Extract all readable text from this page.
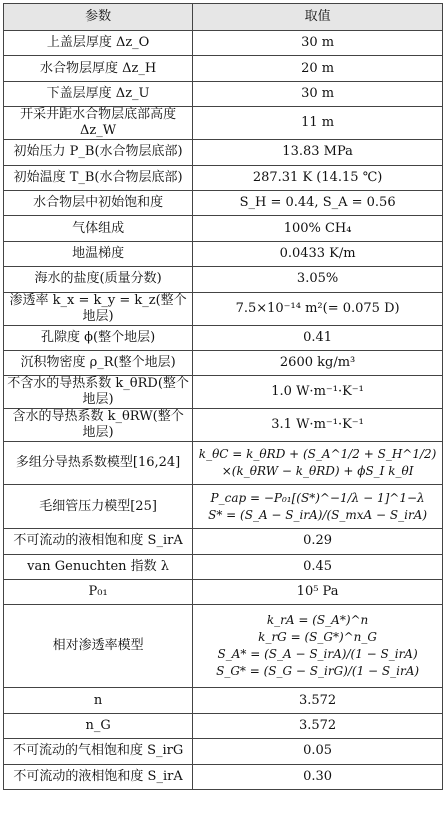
参数	取值
上盖层厚度 Δz_O	30 m
水合物层厚度 Δz_H	20 m
下盖层厚度 Δz_U	30 m
开采井距水合物层底部高度 Δz_W	11 m
初始压力 P_B(水合物层底部)	13.83 MPa
初始温度 T_B(水合物层底部)	287.31 K (14.15 ℃)
水合物层中初始饱和度	S_H = 0.44, S_A = 0.56
气体组成	100% CH₄
地温梯度	0.0433 K/m
海水的盐度(质量分数)	3.05%
渗透率 k_x = k_y = k_z(整个地层)	7.5×10⁻¹⁴ m²(= 0.075 D)
孔隙度 ϕ(整个地层)	0.41
沉积物密度 ρ_R(整个地层)	2600 kg/m³
不含水的导热系数 k_θRD(整个地层)	1.0 W·m⁻¹·K⁻¹
含水的导热系数 k_θRW(整个地层)	3.1 W·m⁻¹·K⁻¹
多组分导热系数模型[16,24]	k_θC = k_θRD + (S_A^1/2 + S_H^1/2)
×(k_θRW − k_θRD) + ϕS_I k_θI

毛细管压力模型[25]	P_cap = −P₀₁[(S*)^−1/λ − 1]^1−λ
S* = (S_A − S_irA)/(S_mxA − S_irA)

不可流动的液相饱和度 S_irA	0.29
van Genuchten 指数 λ	0.45
P₀₁	10⁵ Pa
相对渗透率模型	k_rA = (S_A*)^n
k_rG = (S_G*)^n_G
S_A* = (S_A − S_irA)/(1 − S_irA)
S_G* = (S_G − S_irG)/(1 − S_irA)

n	3.572
n_G	3.572
不可流动的气相饱和度 S_irG	0.05
不可流动的液相饱和度 S_irA	0.30
